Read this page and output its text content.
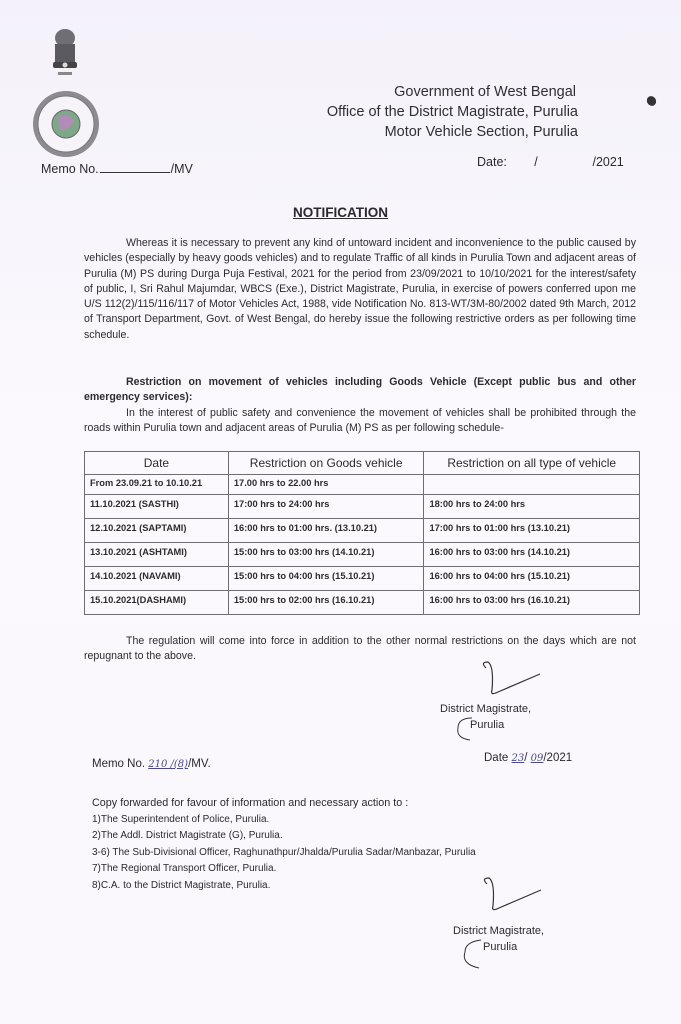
Government of West Bengal
Office of the District Magistrate, Purulia
Motor Vehicle Section, Purulia
Memo No.	/MV	Date: /          /2021
NOTIFICATION
Whereas it is necessary to prevent any kind of untoward incident and inconvenience to the public caused by vehicles (especially by heavy goods vehicles) and to regulate Traffic of all kinds in Purulia Town and adjacent areas of Purulia (M) PS during Durga Puja Festival, 2021 for the period from 23/09/2021 to 10/10/2021 for the interest/safety of public, I, Sri Rahul Majumdar, WBCS (Exe.), District Magistrate, Purulia, in exercise of powers conferred upon me U/S 112(2)/115/116/117 of Motor Vehicles Act, 1988, vide Notification No. 813-WT/3M-80/2002 dated 9th March, 2012 of Transport Department, Govt. of West Bengal, do hereby issue the following restrictive orders as per following time schedule.
Restriction on movement of vehicles including Goods Vehicle (Except public bus and other emergency services):
In the interest of public safety and convenience the movement of vehicles shall be prohibited through the roads within Purulia town and adjacent areas of Purulia (M) PS as per following schedule-
Date	Restriction on Goods vehicle	Restriction on all type of vehicle
From 23.09.21 to 10.10.21	17.00 hrs to 22.00 hrs	
11.10.2021 (SASTHI)	17:00 hrs to 24:00 hrs	18:00 hrs to 24:00 hrs
12.10.2021 (SAPTAMI)	16:00 hrs to 01:00 hrs. (13.10.21)	17:00 hrs to 01:00 hrs (13.10.21)
13.10.2021 (ASHTAMI)	15:00 hrs to 03:00 hrs (14.10.21)	16:00 hrs to 03:00 hrs (14.10.21)
14.10.2021 (NAVAMI)	15:00 hrs to 04:00 hrs (15.10.21)	16:00 hrs to 04:00 hrs (15.10.21)
15.10.2021(DASHAMI)	15:00 hrs to 02:00 hrs (16.10.21)	16:00 hrs to 03:00 hrs (16.10.21)
The regulation will come into force in addition to the other normal restrictions on the days which are not repugnant to the above.
District Magistrate,
Purulia
Memo No. 210 /(8)/MV.	Date 23/ 09/2021
Copy forwarded for favour of information and necessary action to :
1)The Superintendent of Police, Purulia.
2)The Addl. District Magistrate (G), Purulia.
3-6) The Sub-Divisional Officer, Raghunathpur/Jhalda/Purulia Sadar/Manbazar, Purulia
7)The Regional Transport Officer, Purulia.
8)C.A. to the District Magistrate, Purulia.
District Magistrate,
Purulia
